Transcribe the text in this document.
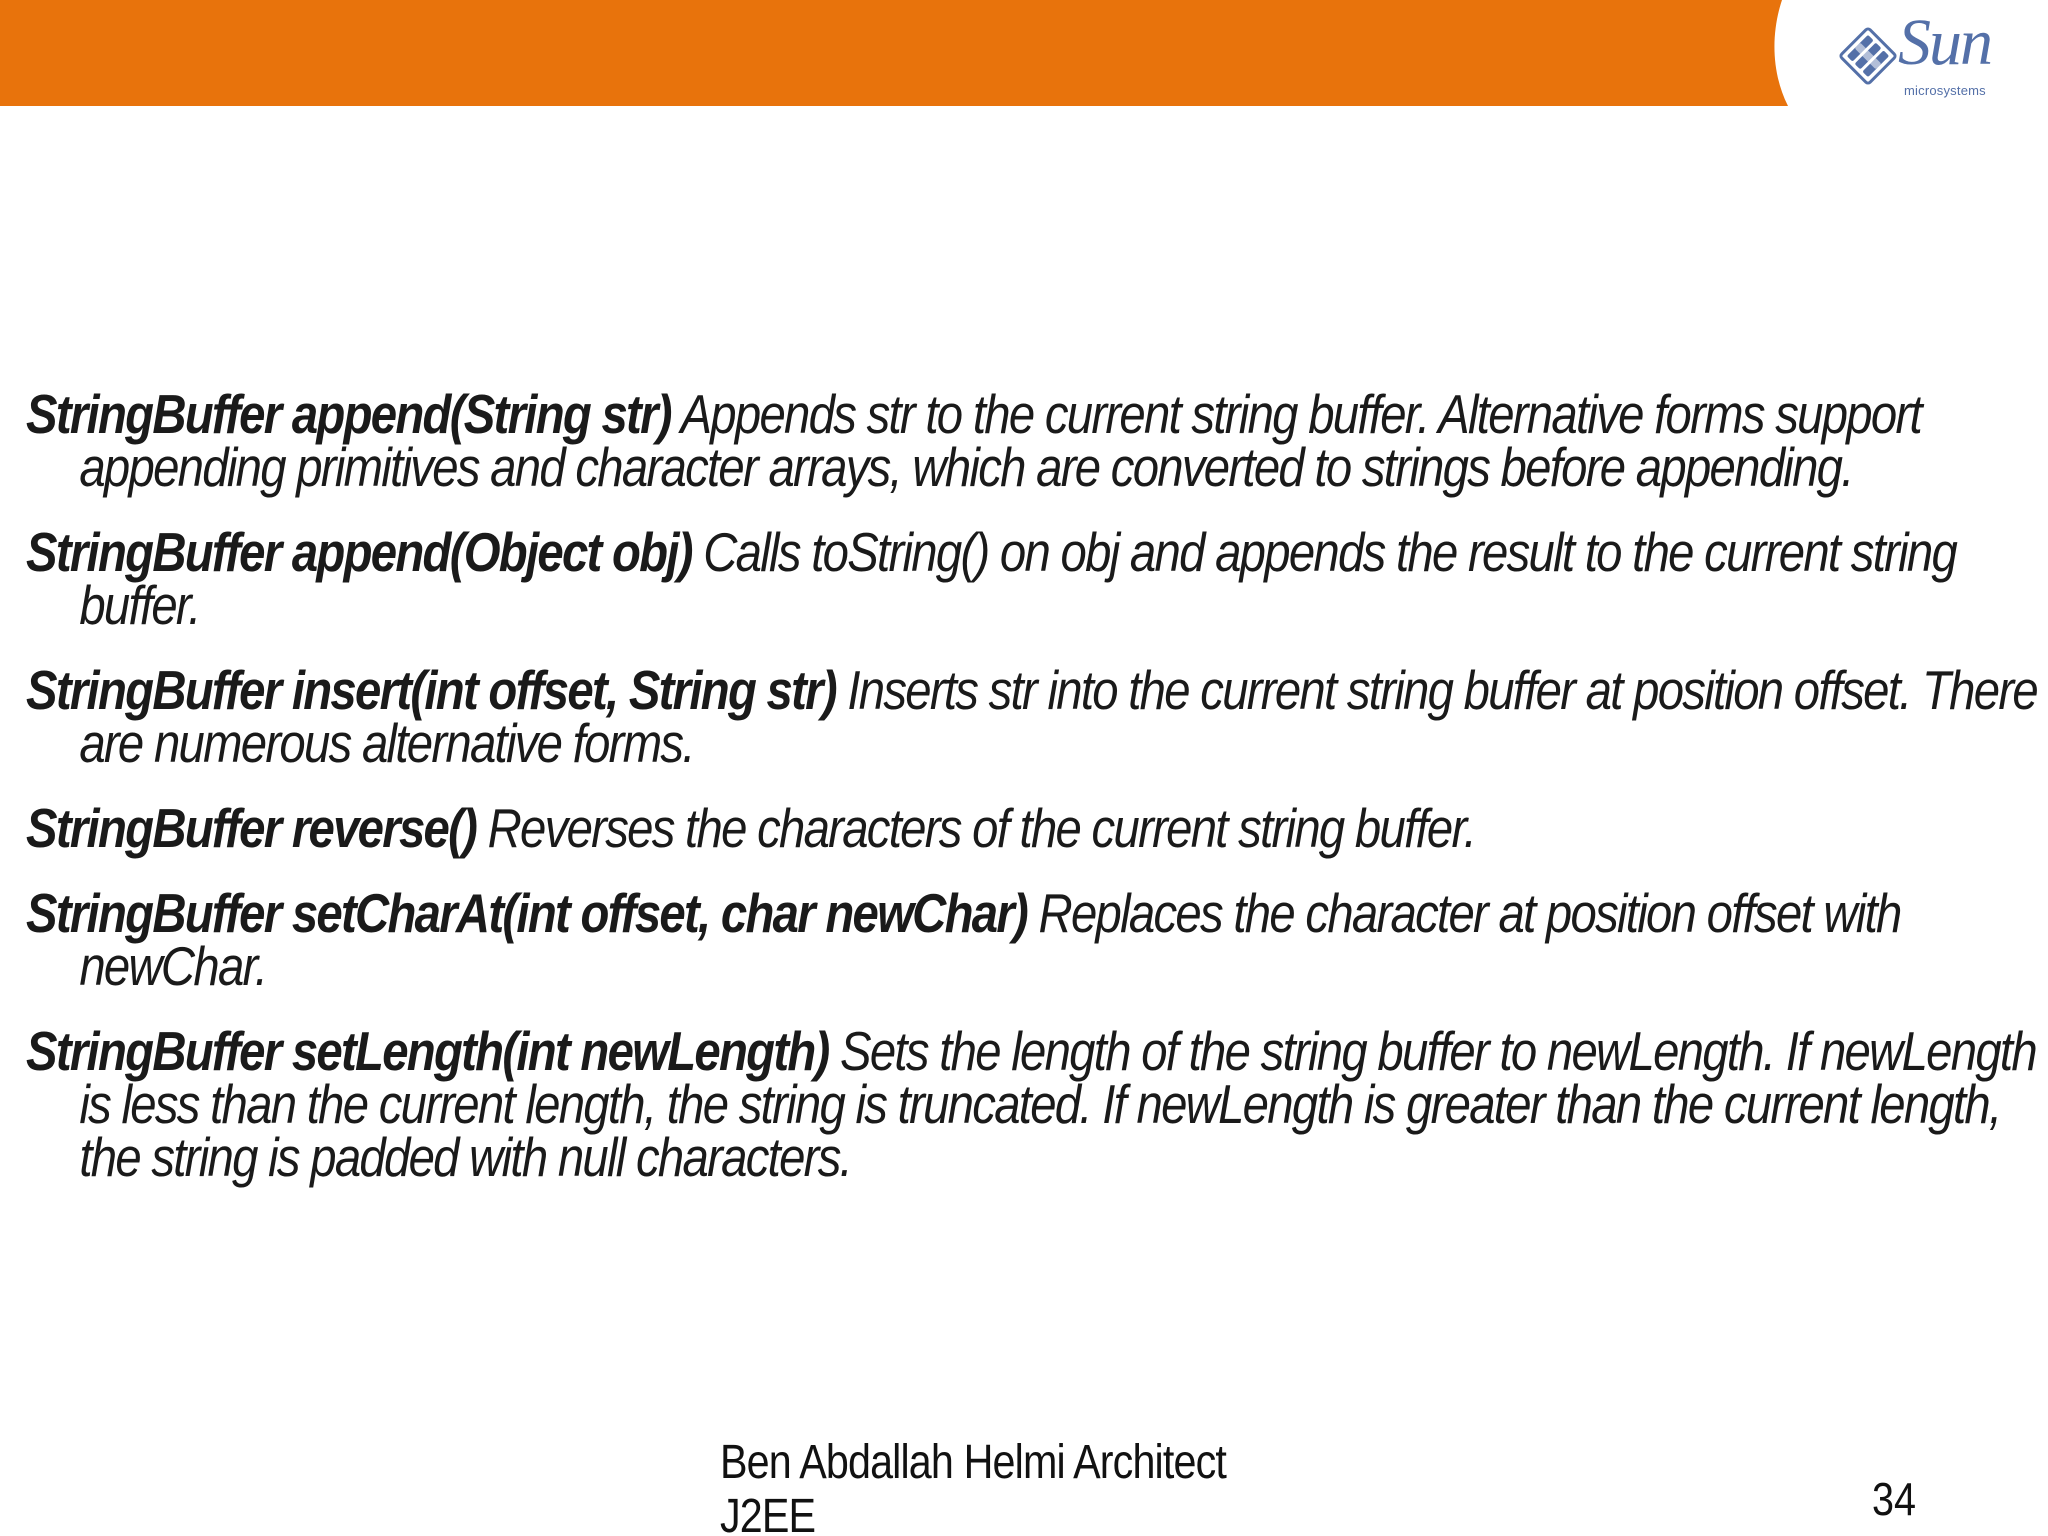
Sun
microsystems
StringBuffer append(String str) Appends str to the current string buffer. Alternative forms support appending primitives and character arrays, which are converted to strings before appending.
StringBuffer append(Object obj) Calls toString() on obj and appends the result to the current string buffer.
StringBuffer insert(int offset, String str) Inserts str into the current string buffer at position offset. There are numerous alternative forms.
StringBuffer reverse() Reverses the characters of the current string buffer.
StringBuffer setCharAt(int offset, char newChar) Replaces the character at position offset with newChar.
StringBuffer setLength(int newLength) Sets the length of the string buffer to newLength. If newLength is less than the current length, the string is truncated. If newLength is greater than the current length, the string is padded with null characters.
Ben Abdallah Helmi Architect J2EE	34
